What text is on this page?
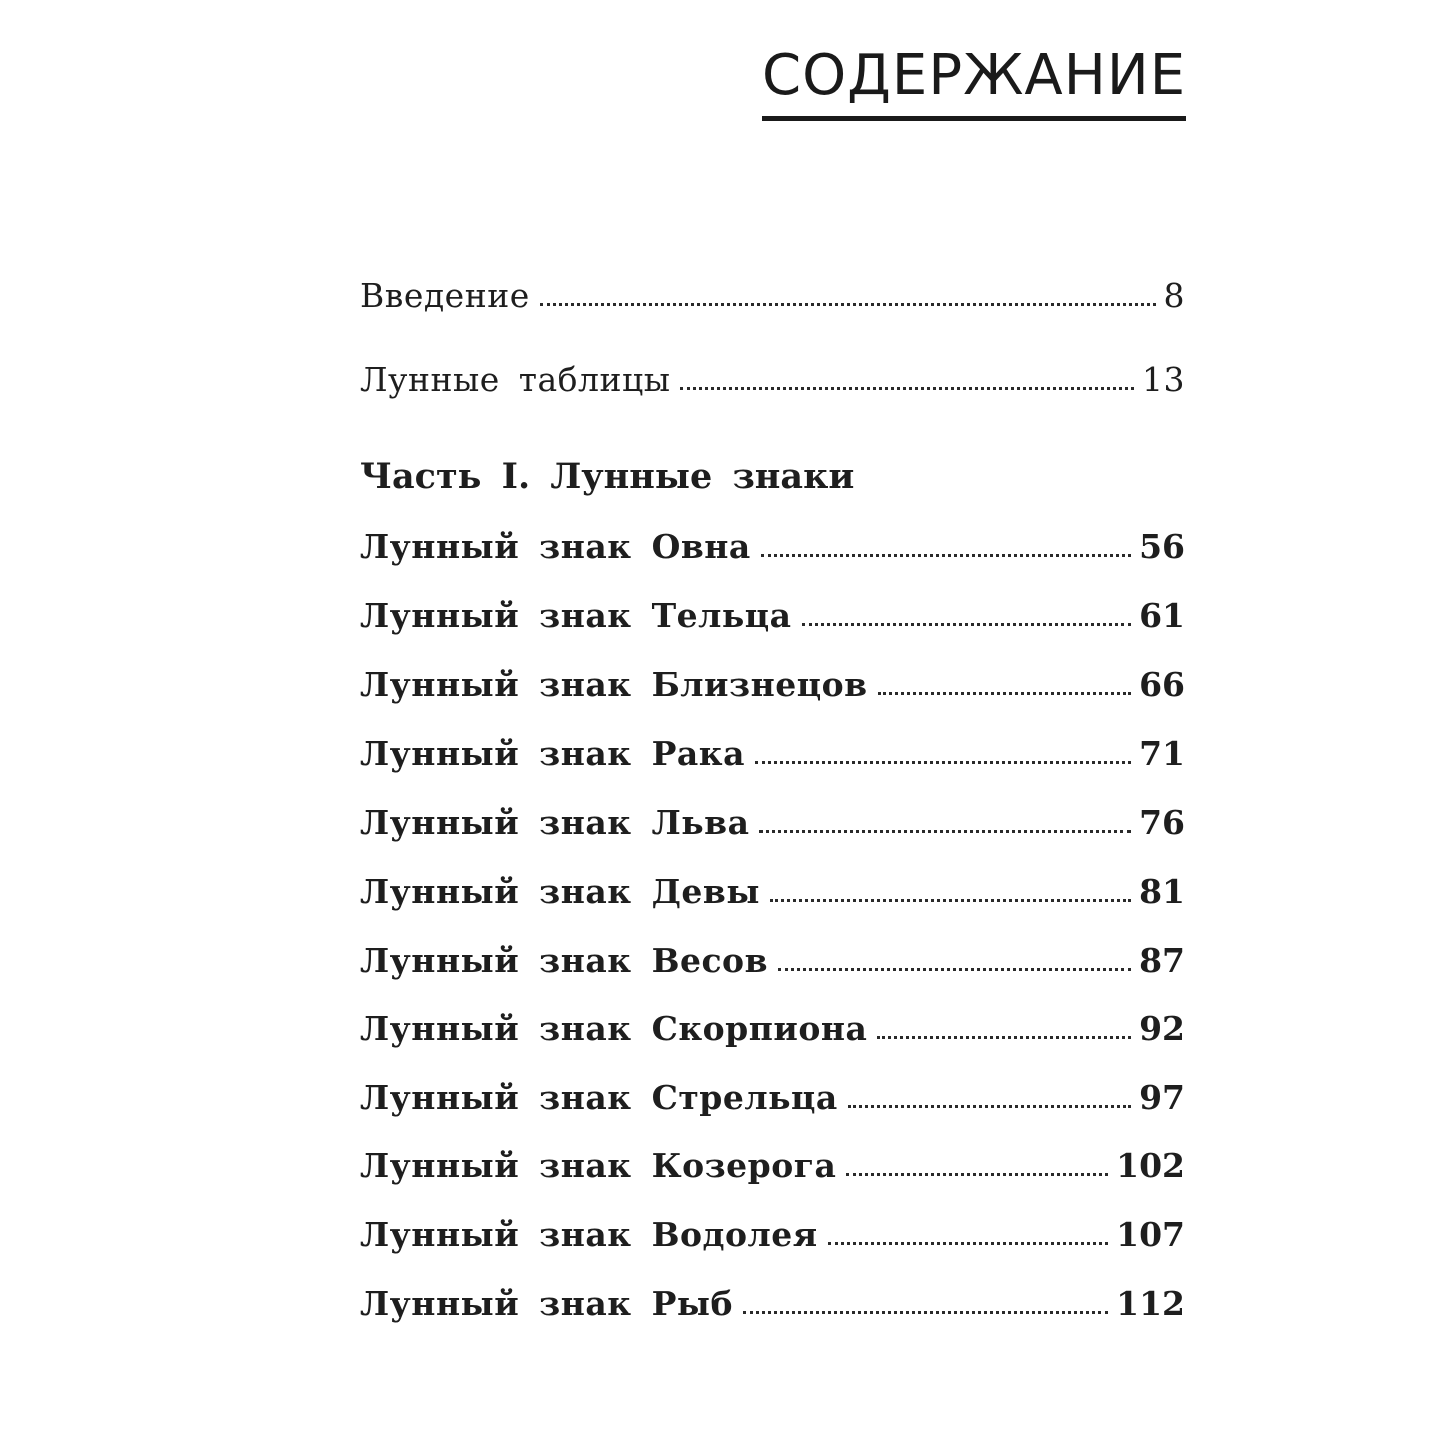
СОДЕРЖАНИЕ
Введение	8
Лунные таблицы	13
Часть I. Лунные знаки
Лунный знак Овна	56
Лунный знак Тельца	61
Лунный знак Близнецов	66
Лунный знак Рака	71
Лунный знак Льва	76
Лунный знак Девы	81
Лунный знак Весов	87
Лунный знак Скорпиона	92
Лунный знак Стрельца	97
Лунный знак Козерога	102
Лунный знак Водолея	107
Лунный знак Рыб	112
